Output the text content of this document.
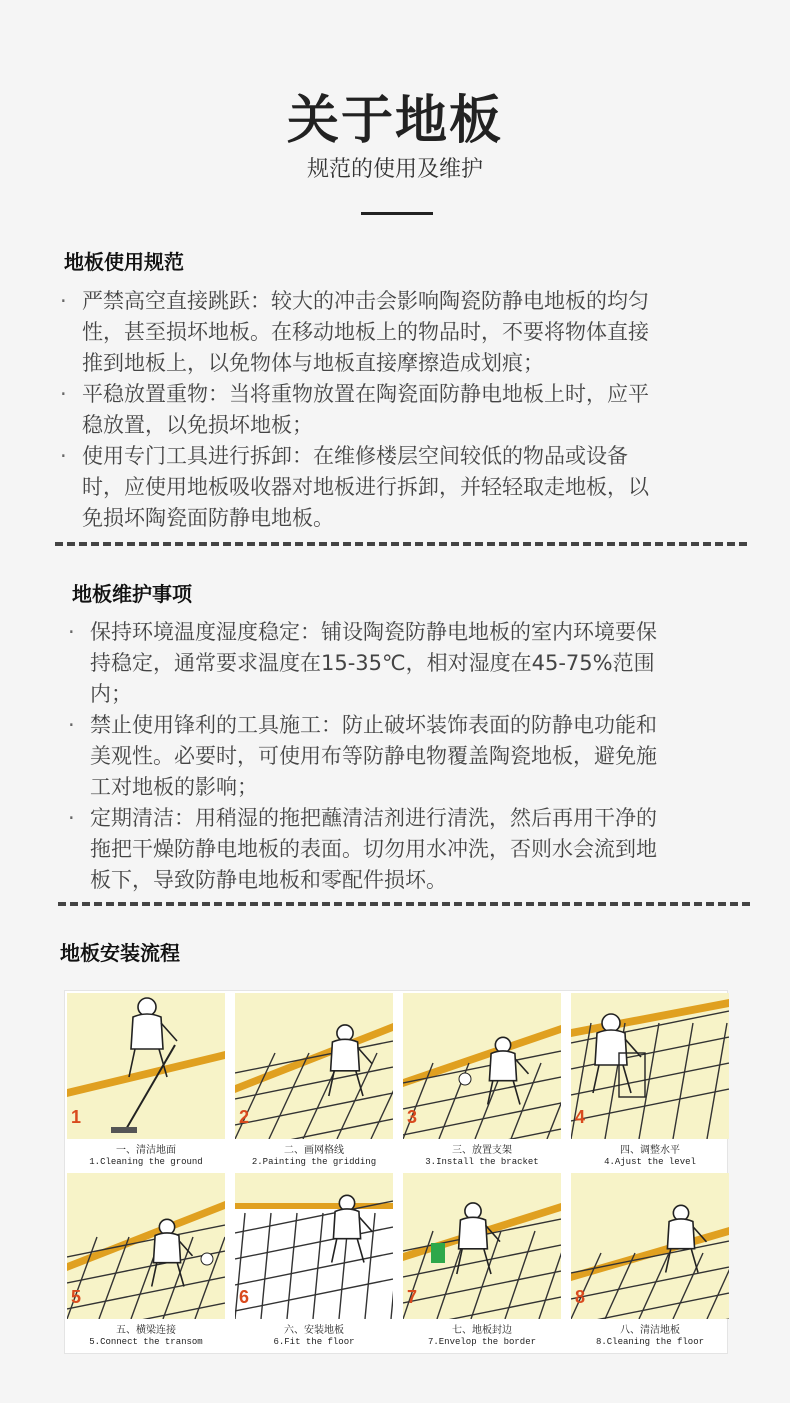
关于地板
规范的使用及维护
地板使用规范
· 严禁高空直接跳跃：较大的冲击会影响陶瓷防静电地板的均匀
性，甚至损坏地板。在移动地板上的物品时，不要将物体直接
推到地板上，以免物体与地板直接摩擦造成划痕；
· 平稳放置重物：当将重物放置在陶瓷面防静电地板上时，应平
稳放置，以免损坏地板；
· 使用专门工具进行拆卸：在维修楼层空间较低的物品或设备
时，应使用地板吸收器对地板进行拆卸，并轻轻取走地板，以
免损坏陶瓷面防静电地板。
地板维护事项
· 保持环境温度湿度稳定：铺设陶瓷防静电地板的室内环境要保
持稳定，通常要求温度在15-35℃，相对湿度在45-75%范围
内；
· 禁止使用锋利的工具施工：防止破坏装饰表面的防静电功能和
美观性。必要时，可使用布等防静电物覆盖陶瓷地板，避免施
工对地板的影响；
· 定期清洁：用稍湿的拖把蘸清洁剂进行清洗，然后再用干净的
拖把干燥防静电地板的表面。切勿用水冲洗，否则水会流到地
板下，导致防静电地板和零配件损坏。
地板安装流程
1
一、清洁地面
1.Cleaning the ground
2
二、画网格线
2.Painting the gridding
3
三、放置支架
3.Install the bracket
4
四、调整水平
4.Ajust the level
5
五、横梁连接
5.Connect the transom
6
六、安装地板
6.Fit the floor
7
七、地板封边
7.Envelop the border
8
八、清洁地板
8.Cleaning the floor
